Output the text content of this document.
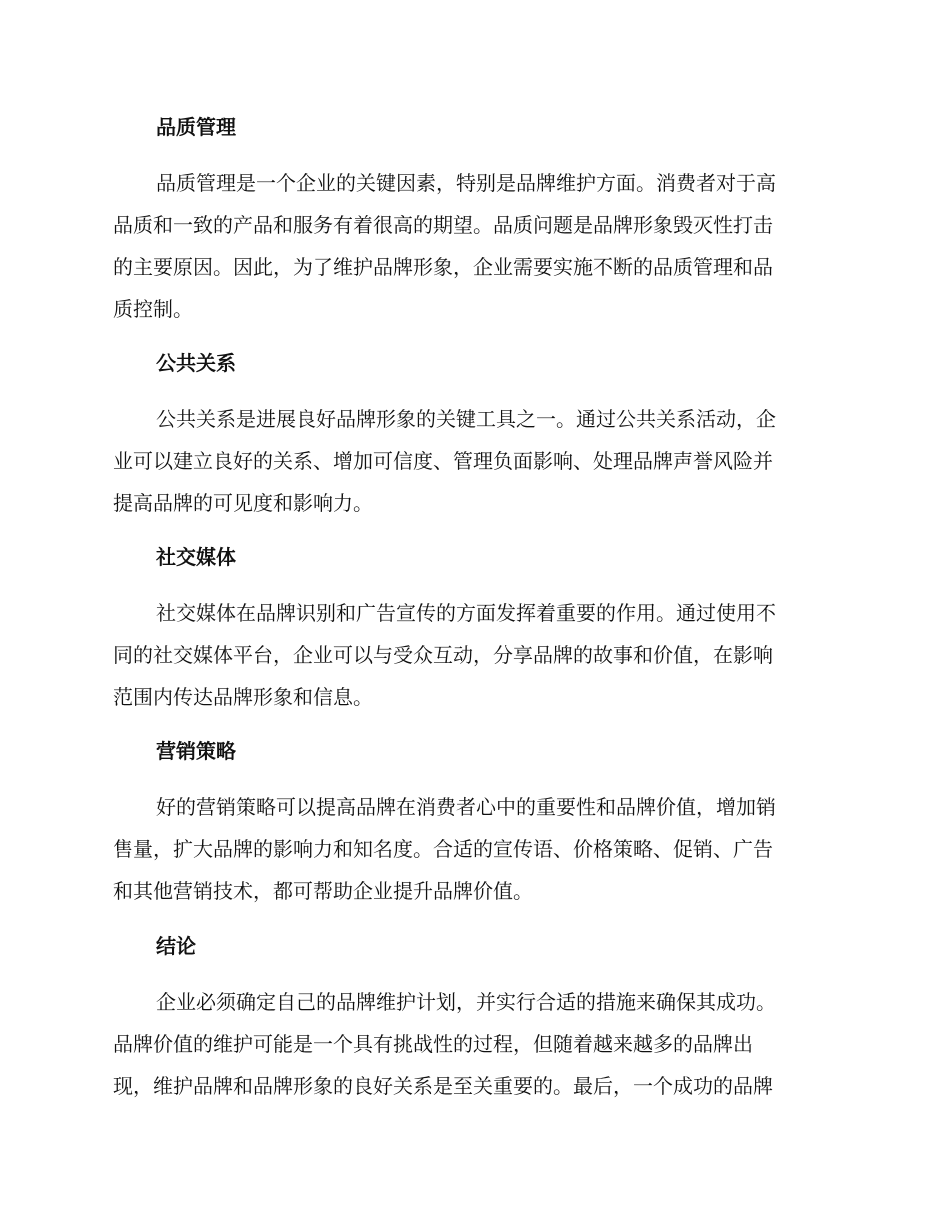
品质管理
品质管理是一个企业的关键因素，特别是品牌维护方面。消费者对于高
品质和一致的产品和服务有着很高的期望。品质问题是品牌形象毁灭性打击
的主要原因。因此，为了维护品牌形象，企业需要实施不断的品质管理和品
质控制。
公共关系
公共关系是进展良好品牌形象的关键工具之一。通过公共关系活动，企
业可以建立良好的关系、增加可信度、管理负面影响、处理品牌声誉风险并
提高品牌的可见度和影响力。
社交媒体
社交媒体在品牌识别和广告宣传的方面发挥着重要的作用。通过使用不
同的社交媒体平台，企业可以与受众互动，分享品牌的故事和价值，在影响
范围内传达品牌形象和信息。
营销策略
好的营销策略可以提高品牌在消费者心中的重要性和品牌价值，增加销
售量，扩大品牌的影响力和知名度。合适的宣传语、价格策略、促销、广告
和其他营销技术，都可帮助企业提升品牌价值。
结论
企业必须确定自己的品牌维护计划，并实行合适的措施来确保其成功。
品牌价值的维护可能是一个具有挑战性的过程，但随着越来越多的品牌出
现，维护品牌和品牌形象的良好关系是至关重要的。最后，一个成功的品牌
